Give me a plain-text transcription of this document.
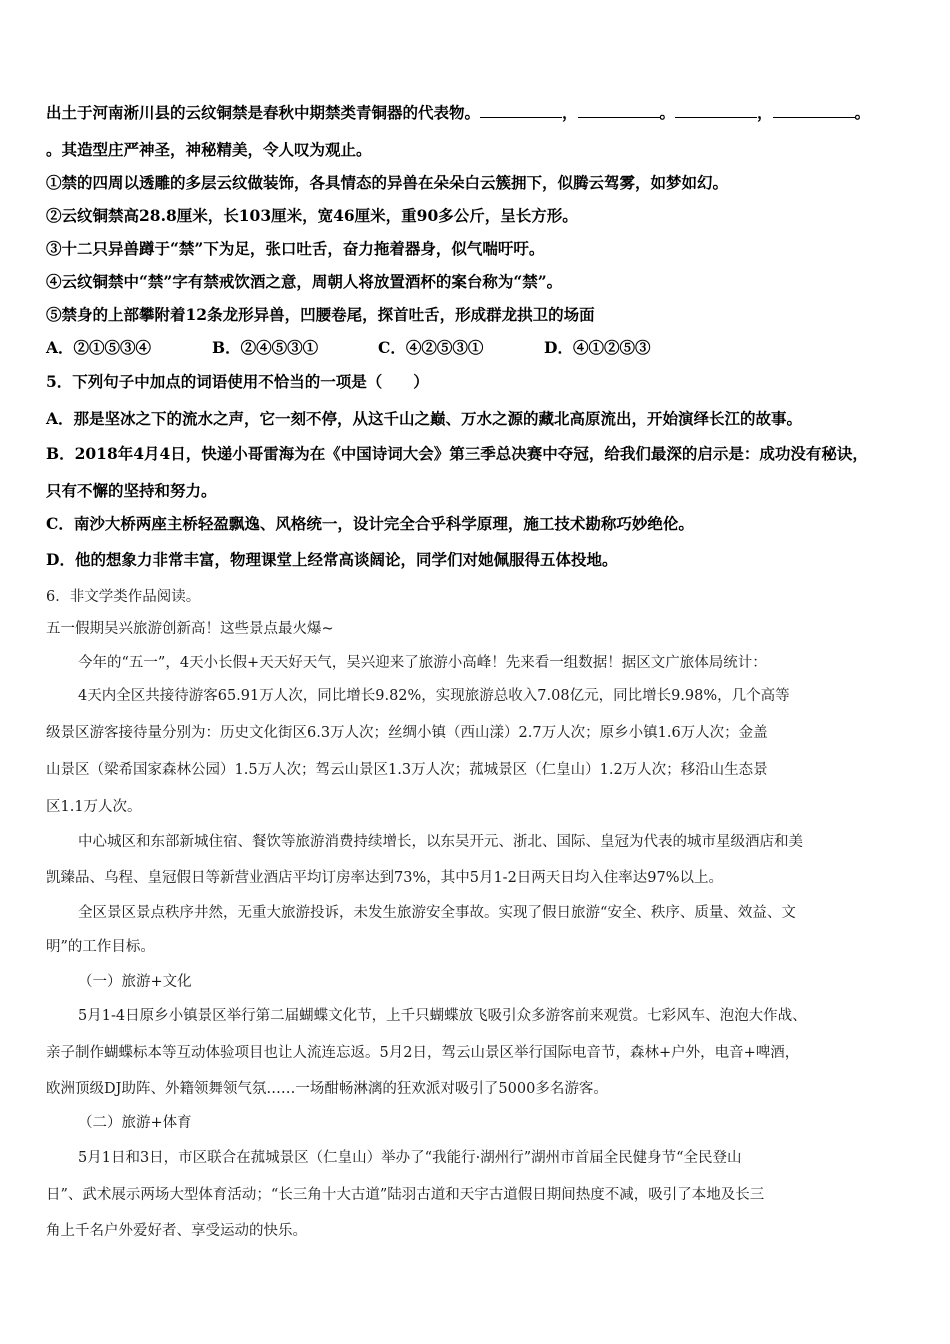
出土于河南淅川县的云纹铜禁是春秋中期禁类青铜器的代表物。	，	。	，	。
。其造型庄严神圣，神秘精美，令人叹为观止。
①禁的四周以透雕的多层云纹做装饰，各具情态的异兽在朵朵白云簇拥下，似腾云驾雾，如梦如幻。
②云纹铜禁高28.8厘米，长103厘米，宽46厘米，重90多公斤，呈长方形。
③十二只异兽蹲于“禁”下为足，张口吐舌，奋力拖着器身，似气喘吁吁。
④云纹铜禁中“禁”字有禁戒饮酒之意，周朝人将放置酒杯的案台称为“禁”。
⑤禁身的上部攀附着12条龙形异兽，凹腰卷尾，探首吐舌，形成群龙拱卫的场面
A．②①⑤③④	B．②④⑤③①	C．④②⑤③①	D．④①②⑤③
5．下列句子中加点的词语使用不恰当的一项是（　　）
A．那是坚冰之下的流水之声，它一刻不停，从这千山之巅、万水之源的藏北高原流出，开始演绎长江的故事。
B．2018年4月4日，快递小哥雷海为在《中国诗词大会》第三季总决赛中夺冠，给我们最深的启示是：成功没有秘诀，
只有不懈的坚持和努力。
C．南沙大桥两座主桥轻盈飘逸、风格统一，设计完全合乎科学原理，施工技术勘称巧妙绝伦。
D．他的想象力非常丰富，物理课堂上经常高谈阔论，同学们对她佩服得五体投地。
6．非文学类作品阅读。
五一假期吴兴旅游创新高！这些景点最火爆~
今年的“五一”，4天小长假+天天好天气，吴兴迎来了旅游小高峰！先来看一组数据！据区文广旅体局统计：
4天内全区共接待游客65.91万人次，同比增长9.82%，实现旅游总收入7.08亿元，同比增长9.98%，几个高等
级景区游客接待量分别为：历史文化街区6.3万人次；丝绸小镇（西山漾）2.7万人次；原乡小镇1.6万人次；金盖
山景区（梁希国家森林公园）1.5万人次；驾云山景区1.3万人次；菰城景区（仁皇山）1.2万人次；移沿山生态景
区1.1万人次。
中心城区和东部新城住宿、餐饮等旅游消费持续增长，以东吴开元、浙北、国际、皇冠为代表的城市星级酒店和美
凯臻品、乌程、皇冠假日等新营业酒店平均订房率达到73%，其中5月1-2日两天日均入住率达97%以上。
全区景区景点秩序井然，无重大旅游投诉，未发生旅游安全事故。实现了假日旅游“安全、秩序、质量、效益、文
明”的工作目标。
（一）旅游+文化
5月1-4日原乡小镇景区举行第二届蝴蝶文化节，上千只蝴蝶放飞吸引众多游客前来观赏。七彩风车、泡泡大作战、
亲子制作蝴蝶标本等互动体验项目也让人流连忘返。5月2日，驾云山景区举行国际电音节，森林+户外，电音+啤酒，
欧洲顶级DJ助阵、外籍领舞领气氛……一场酣畅淋漓的狂欢派对吸引了5000多名游客。
（二）旅游+体育
5月1日和3日，市区联合在菰城景区（仁皇山）举办了“我能行·湖州行”湖州市首届全民健身节“全民登山
日”、武术展示两场大型体育活动；“长三角十大古道”陆羽古道和天宇古道假日期间热度不减，吸引了本地及长三
角上千名户外爱好者、享受运动的快乐。
